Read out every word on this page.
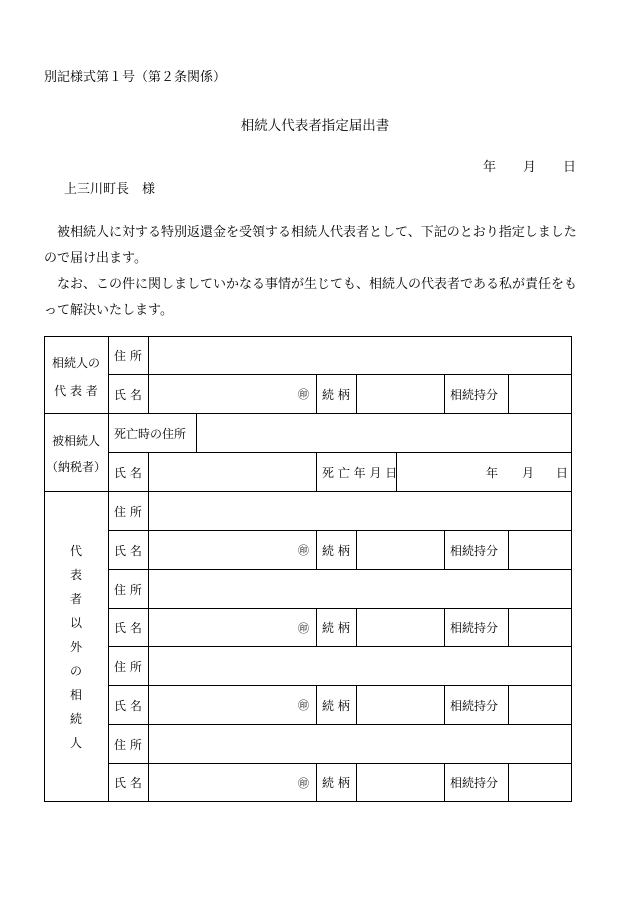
別記様式第１号（第２条関係）
相続人代表者指定届出書
年 月 日
上三川町長　様
被相続人に対する特別返還金を受領する相続人代表者として、下記のとおり指定しましたので届け出ます。
なお、この件に関しましていかなる事情が生じても、相続人の代表者である私が責任をもって解決いたします。
相続人の
代 表 者
住 所
氏 名	㊞ 続 柄	相続持分
被相続人
（納税者）
死亡時の住所
氏 名	死 亡 年 月 日	年 月 日
代
表
者
以
外
の
相
続
人
住 所
氏 名	㊞ 続 柄	相続持分
住 所
氏 名	㊞ 続 柄	相続持分
住 所
氏 名	㊞ 続 柄	相続持分
住 所
氏 名	㊞ 続 柄	相続持分
